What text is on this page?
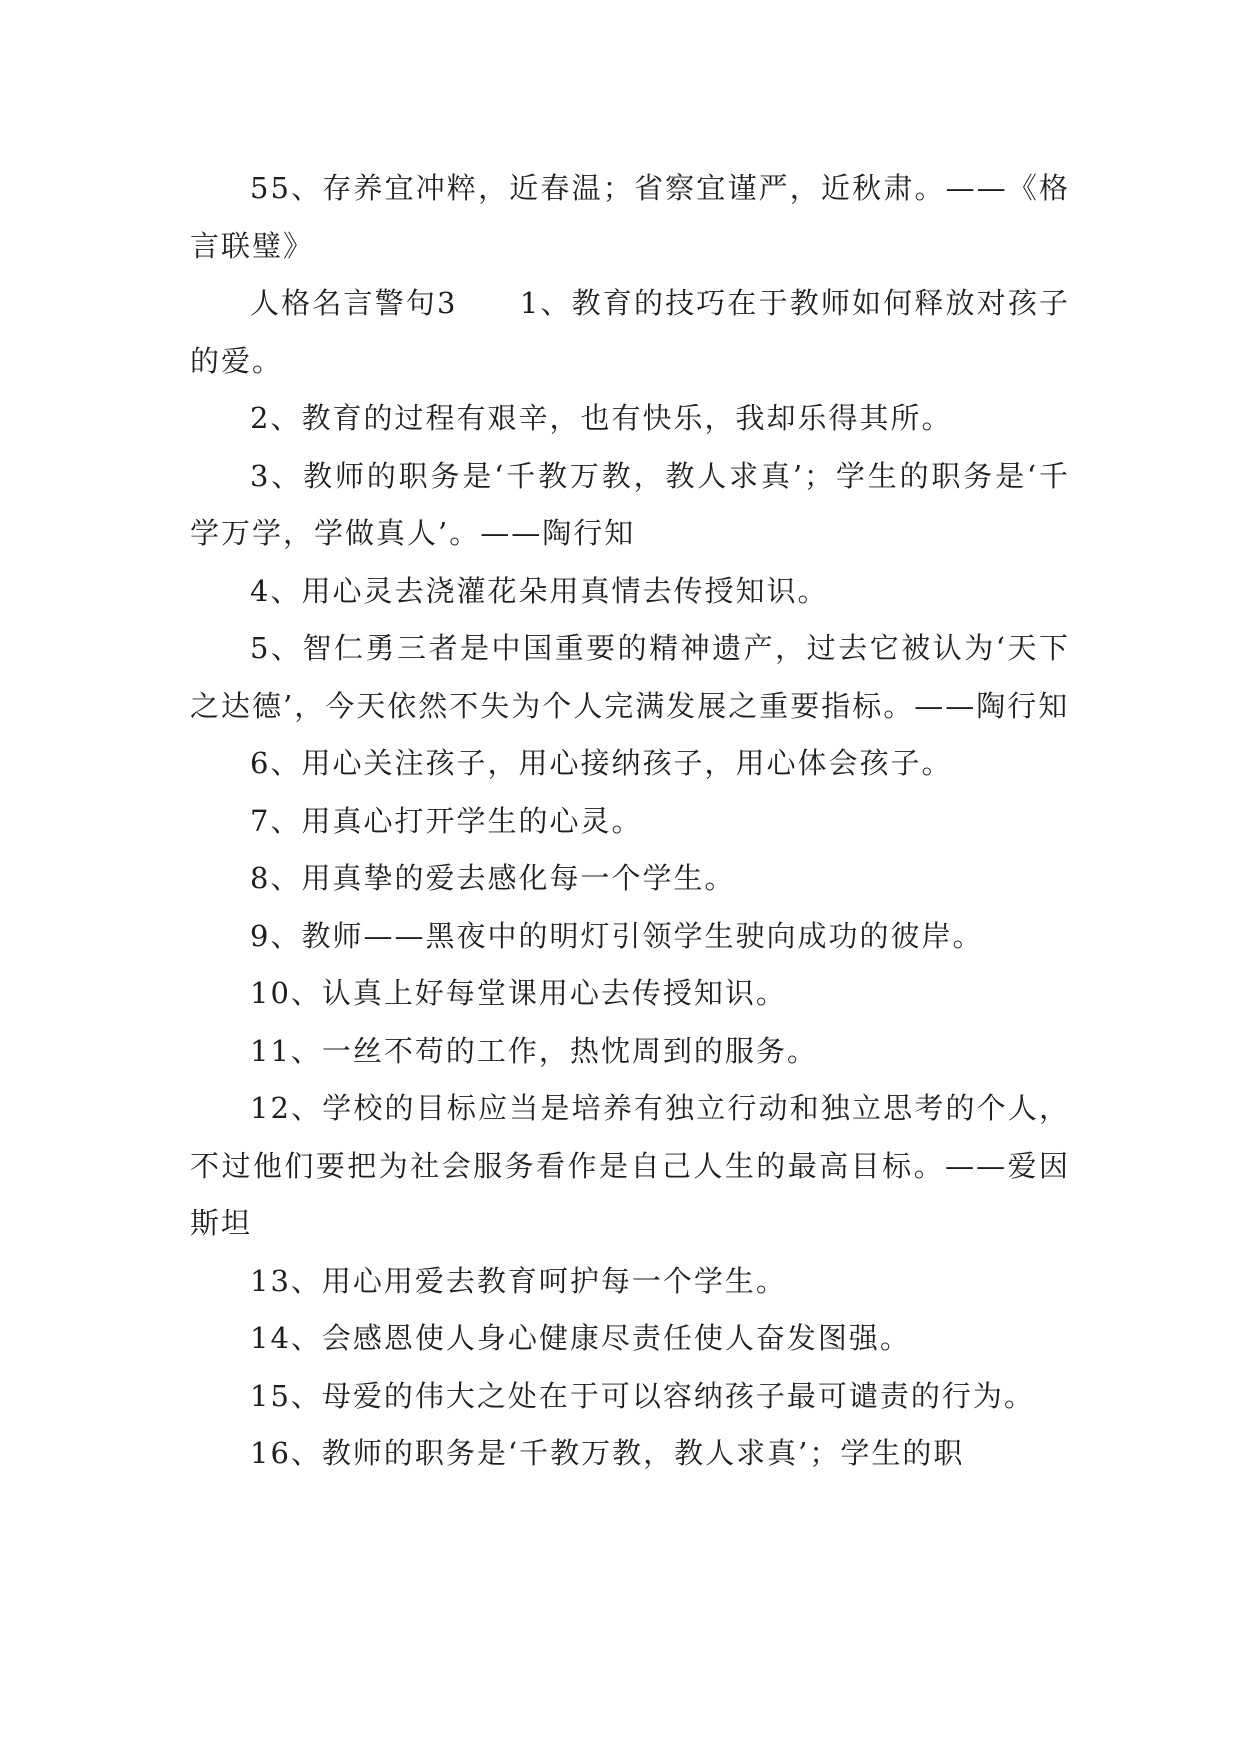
55、存养宜冲粹，近春温；省察宜谨严，近秋肃。——《格言联璧》

人格名言警句3　　1、教育的技巧在于教师如何释放对孩子的爱。

2、教育的过程有艰辛，也有快乐，我却乐得其所。

3、教师的职务是‘千教万教，教人求真’；学生的职务是‘千学万学，学做真人’。——陶行知

4、用心灵去浇灌花朵用真情去传授知识。

5、智仁勇三者是中国重要的精神遗产，过去它被认为‘天下之达德’，今天依然不失为个人完满发展之重要指标。——陶行知

6、用心关注孩子，用心接纳孩子，用心体会孩子。

7、用真心打开学生的心灵。

8、用真挚的爱去感化每一个学生。

9、教师——黑夜中的明灯引领学生驶向成功的彼岸。

10、认真上好每堂课用心去传授知识。

11、一丝不苟的工作，热忱周到的服务。

12、学校的目标应当是培养有独立行动和独立思考的个人，不过他们要把为社会服务看作是自己人生的最高目标。——爱因斯坦

13、用心用爱去教育呵护每一个学生。

14、会感恩使人身心健康尽责任使人奋发图强。

15、母爱的伟大之处在于可以容纳孩子最可谴责的行为。

16、教师的职务是‘千教万教，教人求真’；学生的职
